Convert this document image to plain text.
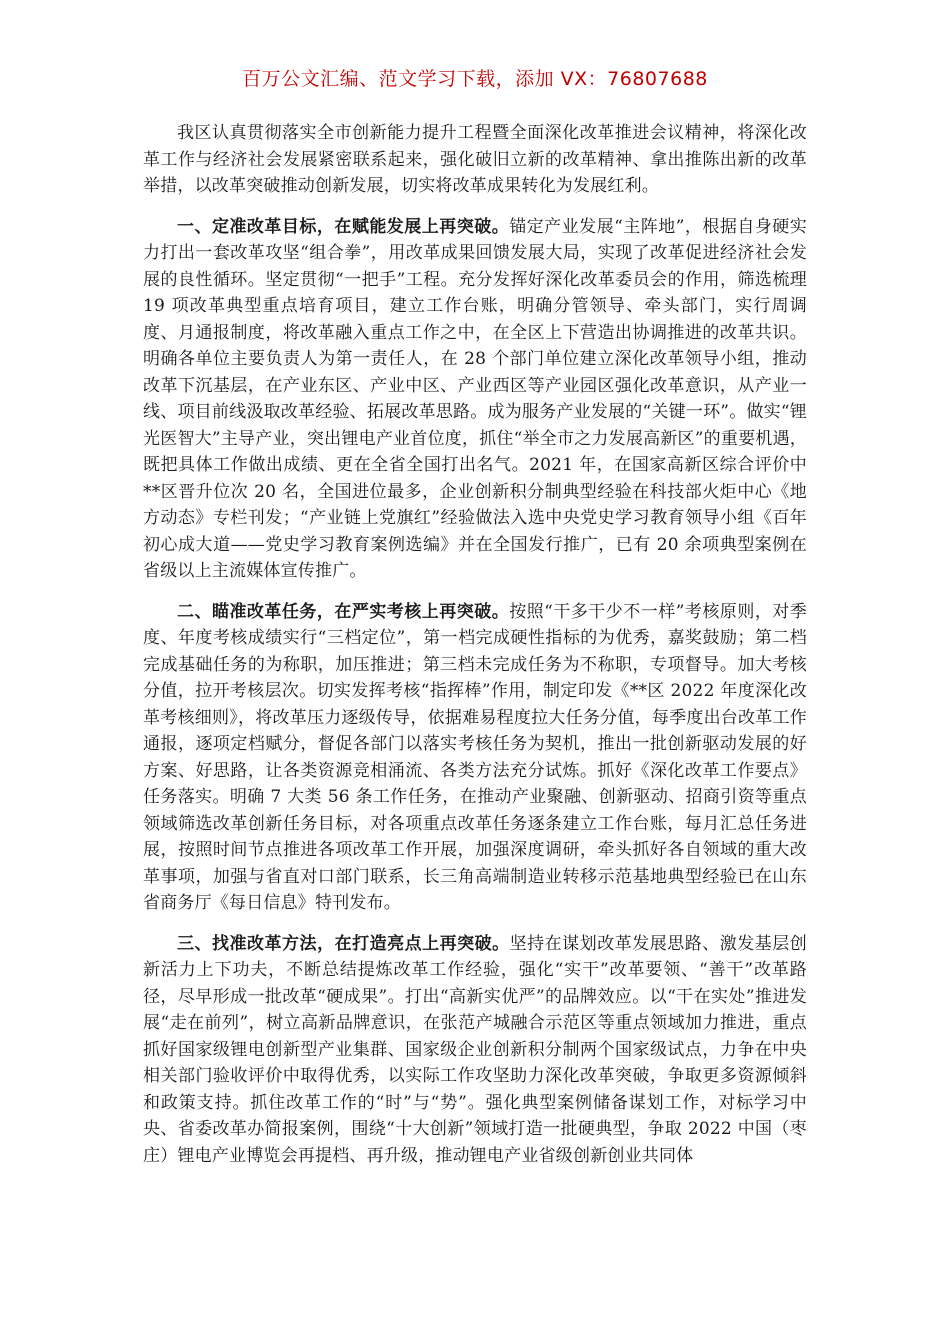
百万公文汇编、范文学习下载，添加 VX：76807688

我区认真贯彻落实全市创新能力提升工程暨全面深化改革推进会议精神，将深化改革工作与经济社会发展紧密联系起来，强化破旧立新的改革精神、拿出推陈出新的改革举措，以改革突破推动创新发展，切实将改革成果转化为发展红利。

一、定准改革目标，在赋能发展上再突破。锚定产业发展“主阵地”，根据自身硬实力打出一套改革攻坚“组合拳”，用改革成果回馈发展大局，实现了改革促进经济社会发展的良性循环。坚定贯彻“一把手”工程。充分发挥好深化改革委员会的作用，筛选梳理 19 项改革典型重点培育项目，建立工作台账，明确分管领导、牵头部门，实行周调度、月通报制度，将改革融入重点工作之中，在全区上下营造出协调推进的改革共识。明确各单位主要负责人为第一责任人，在 28 个部门单位建立深化改革领导小组，推动改革下沉基层，在产业东区、产业中区、产业西区等产业园区强化改革意识，从产业一线、项目前线汲取改革经验、拓展改革思路。成为服务产业发展的“关键一环”。做实“锂光医智大”主导产业，突出锂电产业首位度，抓住“举全市之力发展高新区”的重要机遇，既把具体工作做出成绩、更在全省全国打出名气。2021 年，在国家高新区综合评价中**区晋升位次 20 名，全国进位最多，企业创新积分制典型经验在科技部火炬中心《地方动态》专栏刊发；“产业链上党旗红”经验做法入选中央党史学习教育领导小组《百年初心成大道——党史学习教育案例选编》并在全国发行推广，已有 20 余项典型案例在省级以上主流媒体宣传推广。

二、瞄准改革任务，在严实考核上再突破。按照“干多干少不一样”考核原则，对季度、年度考核成绩实行“三档定位”，第一档完成硬性指标的为优秀，嘉奖鼓励；第二档完成基础任务的为称职，加压推进；第三档未完成任务为不称职，专项督导。加大考核分值，拉开考核层次。切实发挥考核“指挥棒”作用，制定印发《**区 2022 年度深化改革考核细则》，将改革压力逐级传导，依据难易程度拉大任务分值，每季度出台改革工作通报，逐项定档赋分，督促各部门以落实考核任务为契机，推出一批创新驱动发展的好方案、好思路，让各类资源竞相涌流、各类方法充分试炼。抓好《深化改革工作要点》任务落实。明确 7 大类 56 条工作任务，在推动产业聚融、创新驱动、招商引资等重点领域筛选改革创新任务目标，对各项重点改革任务逐条建立工作台账，每月汇总任务进展，按照时间节点推进各项改革工作开展，加强深度调研，牵头抓好各自领域的重大改革事项，加强与省直对口部门联系，长三角高端制造业转移示范基地典型经验已在山东省商务厅《每日信息》特刊发布。

三、找准改革方法，在打造亮点上再突破。坚持在谋划改革发展思路、激发基层创新活力上下功夫，不断总结提炼改革工作经验，强化“实干”改革要领、“善干”改革路径，尽早形成一批改革“硬成果”。打出“高新实优严”的品牌效应。以“干在实处”推进发展“走在前列”，树立高新品牌意识，在张范产城融合示范区等重点领域加力推进，重点抓好国家级锂电创新型产业集群、国家级企业创新积分制两个国家级试点，力争在中央相关部门验收评价中取得优秀，以实际工作攻坚助力深化改革突破，争取更多资源倾斜和政策支持。抓住改革工作的“时”与“势”。强化典型案例储备谋划工作，对标学习中央、省委改革办简报案例，围绕“十大创新”领域打造一批硬典型，争取 2022 中国（枣庄）锂电产业博览会再提档、再升级，推动锂电产业省级创新创业共同体
